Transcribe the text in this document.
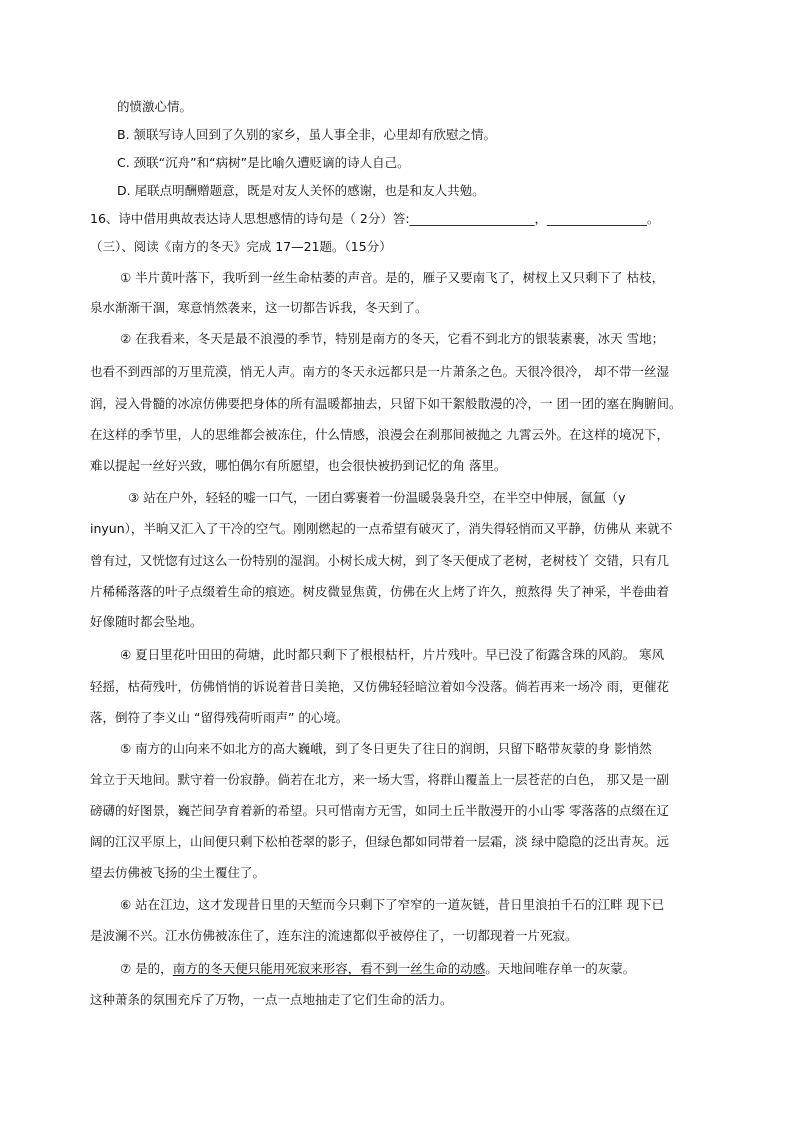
的愤激心情。
B. 颔联写诗人回到了久别的家乡，虽人事全非，心里却有欣慰之情。
C. 颈联“沉舟”和“病树”是比喻久遭贬谪的诗人自己。
D. 尾联点明酬赠题意，既是对友人关怀的感谢，也是和友人共勉。
16、诗中借用典故表达诗人思想感情的诗句是（ 2分）答:____________________，________________。
（三）、阅读《南方的冬天》完成 17—21题。（15分）
① 半片黄叶落下，我听到一丝生命枯萎的声音。是的，雁子又要南飞了，树杈上又只剩下了 枯枝，
泉水渐渐干涸，寒意悄然袭来，这一切都告诉我，冬天到了。
② 在我看来，冬天是最不浪漫的季节，特别是南方的冬天，它看不到北方的银装素裹，冰天 雪地；
也看不到西部的万里荒漠，悄无人声。南方的冬天永远都只是一片萧条之色。天很冷很冷， 却不带一丝湿
润，浸入骨髓的冰凉仿佛要把身体的所有温暖都抽去，只留下如干絮般散漫的冷，一 团一团的塞在胸腑间。
在这样的季节里，人的思维都会被冻住，什么情感，浪漫会在刹那间被抛之 九霄云外。在这样的境况下，
难以提起一丝好兴致，哪怕偶尔有所愿望，也会很快被扔到记忆的角 落里。
③ 站在户外，轻轻的嘘一口气，一团白雾裹着一份温暖袅袅升空，在半空中伸展，氤氲（y
inyun），半晌又汇入了干冷的空气。刚刚燃起的一点希望有破灭了，消失得轻悄而又平静，仿佛从 来就不
曾有过，又恍惚有过这么一份特别的湿润。小树长成大树，到了冬天便成了老树，老树枝丫 交错，只有几
片稀稀落落的叶子点缀着生命的痕迹。树皮微显焦黄，仿佛在火上烤了许久，煎熬得 失了神采，半卷曲着
好像随时都会坠地。
④ 夏日里花叶田田的荷塘，此时都只剩下了根根枯杆，片片残叶。早已没了衔露含珠的风韵。 寒风
轻摇，枯荷残叶，仿佛悄悄的诉说着昔日美艳，又仿佛轻轻暗泣着如今没落。倘若再来一场冷 雨，更催花
落，倒符了李义山 “留得残荷听雨声” 的心境。
⑤ 南方的山向来不如北方的高大巍峨，到了冬日更失了往日的润朗，只留下略带灰蒙的身 影悄然
耸立于天地间。默守着一份寂静。倘若在北方，来一场大雪，将群山覆盖上一层苍茫的白色， 那又是一副
磅礴的好图景，巍芒间孕育着新的希望。只可惜南方无雪，如同土丘半散漫开的小山零 零落落的点缀在辽
阔的江汉平原上，山间便只剩下松柏苍翠的影子，但绿色都如同带着一层霜，淡 绿中隐隐的泛出青灰。远
望去仿佛被飞扬的尘土覆住了。
⑥ 站在江边，这才发现昔日里的天堑而今只剩下了窄窄的一道灰链，昔日里浪拍千石的江畔 现下已
是波澜不兴。江水仿佛被冻住了，连东注的流速都似乎被停住了，一切都现着一片死寂。
⑦ 是的，南方的冬天便只能用死寂来形容，看不到一丝生命的动感。天地间唯存单一的灰蒙。
这种萧条的氛围充斥了万物，一点一点地抽走了它们生命的活力。
